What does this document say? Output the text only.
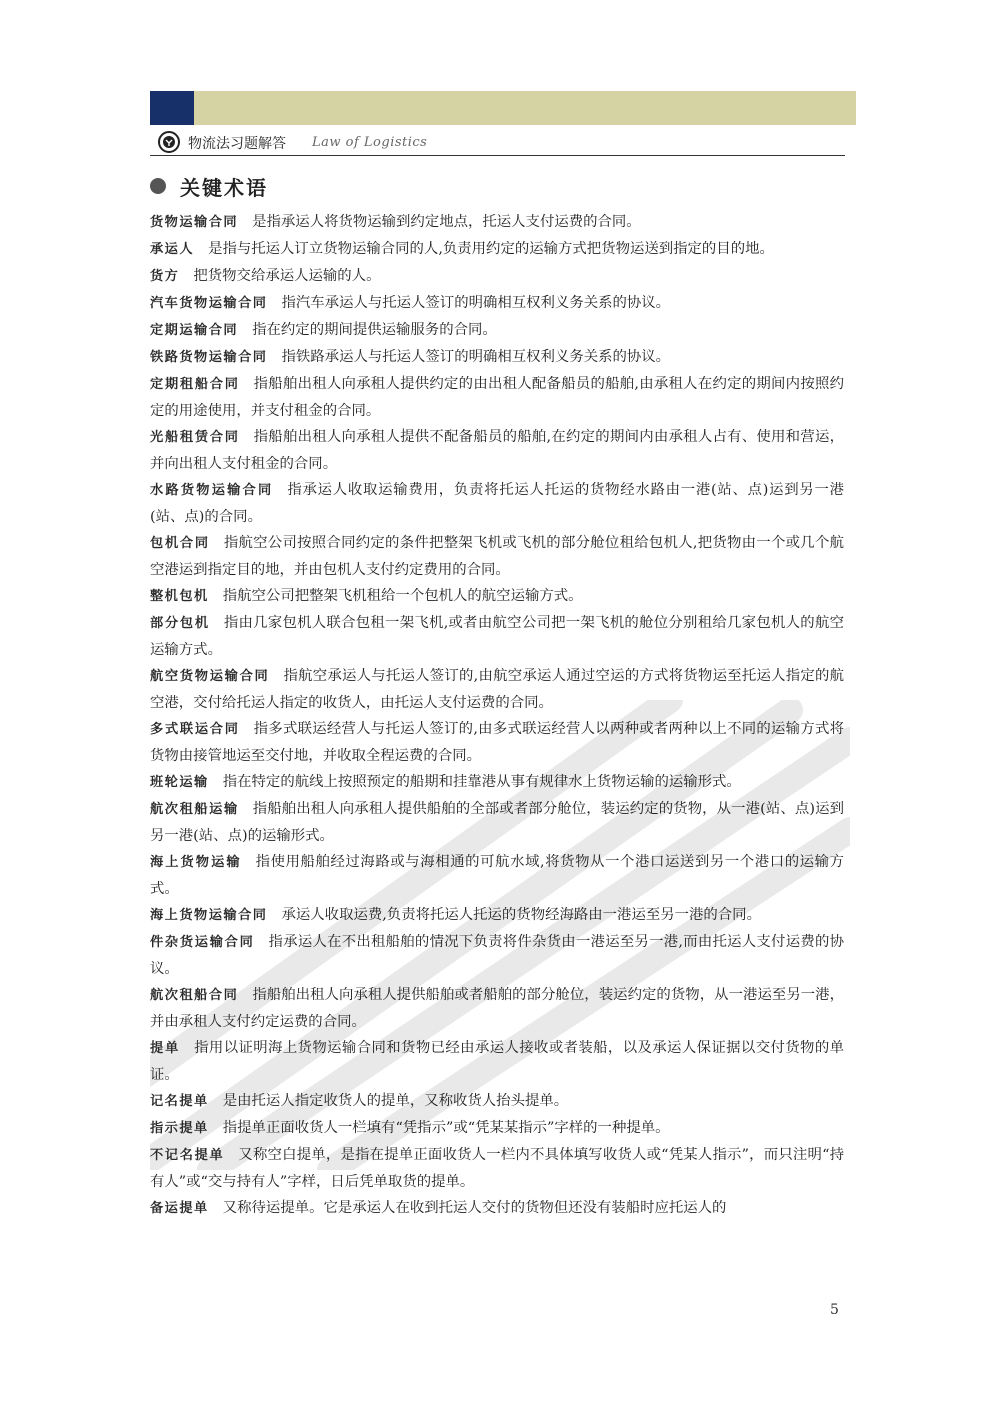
物流法习题解答 Law of Logistics
关键术语

货物运输合同 是指承运人将货物运输到约定地点，托运人支付运费的合同。

承运人 是指与托运人订立货物运输合同的人,负责用约定的运输方式把货物运送到指定的目的地。

货方 把货物交给承运人运输的人。

汽车货物运输合同 指汽车承运人与托运人签订的明确相互权利义务关系的协议。

定期运输合同 指在约定的期间提供运输服务的合同。

铁路货物运输合同 指铁路承运人与托运人签订的明确相互权利义务关系的协议。

定期租船合同 指船舶出租人向承租人提供约定的由出租人配备船员的船舶,由承租人在约定的期间内按照约定的用途使用，并支付租金的合同。

光船租赁合同 指船舶出租人向承租人提供不配备船员的船舶,在约定的期间内由承租人占有、使用和营运，并向出租人支付租金的合同。

水路货物运输合同 指承运人收取运输费用，负责将托运人托运的货物经水路由一港(站、点)运到另一港(站、点)的合同。

包机合同 指航空公司按照合同约定的条件把整架飞机或飞机的部分舱位租给包机人,把货物由一个或几个航空港运到指定目的地，并由包机人支付约定费用的合同。

整机包机 指航空公司把整架飞机租给一个包机人的航空运输方式。

部分包机 指由几家包机人联合包租一架飞机,或者由航空公司把一架飞机的舱位分别租给几家包机人的航空运输方式。

航空货物运输合同 指航空承运人与托运人签订的,由航空承运人通过空运的方式将货物运至托运人指定的航空港，交付给托运人指定的收货人，由托运人支付运费的合同。

多式联运合同 指多式联运经营人与托运人签订的,由多式联运经营人以两种或者两种以上不同的运输方式将货物由接管地运至交付地，并收取全程运费的合同。

班轮运输 指在特定的航线上按照预定的船期和挂靠港从事有规律水上货物运输的运输形式。

航次租船运输 指船舶出租人向承租人提供船舶的全部或者部分舱位，装运约定的货物，从一港(站、点)运到另一港(站、点)的运输形式。

海上货物运输 指使用船舶经过海路或与海相通的可航水域,将货物从一个港口运送到另一个港口的运输方式。

海上货物运输合同 承运人收取运费,负责将托运人托运的货物经海路由一港运至另一港的合同。

件杂货运输合同 指承运人在不出租船舶的情况下负责将件杂货由一港运至另一港,而由托运人支付运费的协议。

航次租船合同 指船舶出租人向承租人提供船舶或者船舶的部分舱位，装运约定的货物，从一港运至另一港，并由承租人支付约定运费的合同。

提单 指用以证明海上货物运输合同和货物已经由承运人接收或者装船，以及承运人保证据以交付货物的单证。

记名提单 是由托运人指定收货人的提单，又称收货人抬头提单。

指示提单 指提单正面收货人一栏填有“凭指示”或“凭某某指示”字样的一种提单。

不记名提单 又称空白提单，是指在提单正面收货人一栏内不具体填写收货人或“凭某人指示”，而只注明“持有人”或“交与持有人”字样，日后凭单取货的提单。

备运提单 又称待运提单。它是承运人在收到托运人交付的货物但还没有装船时应托运人的

5
